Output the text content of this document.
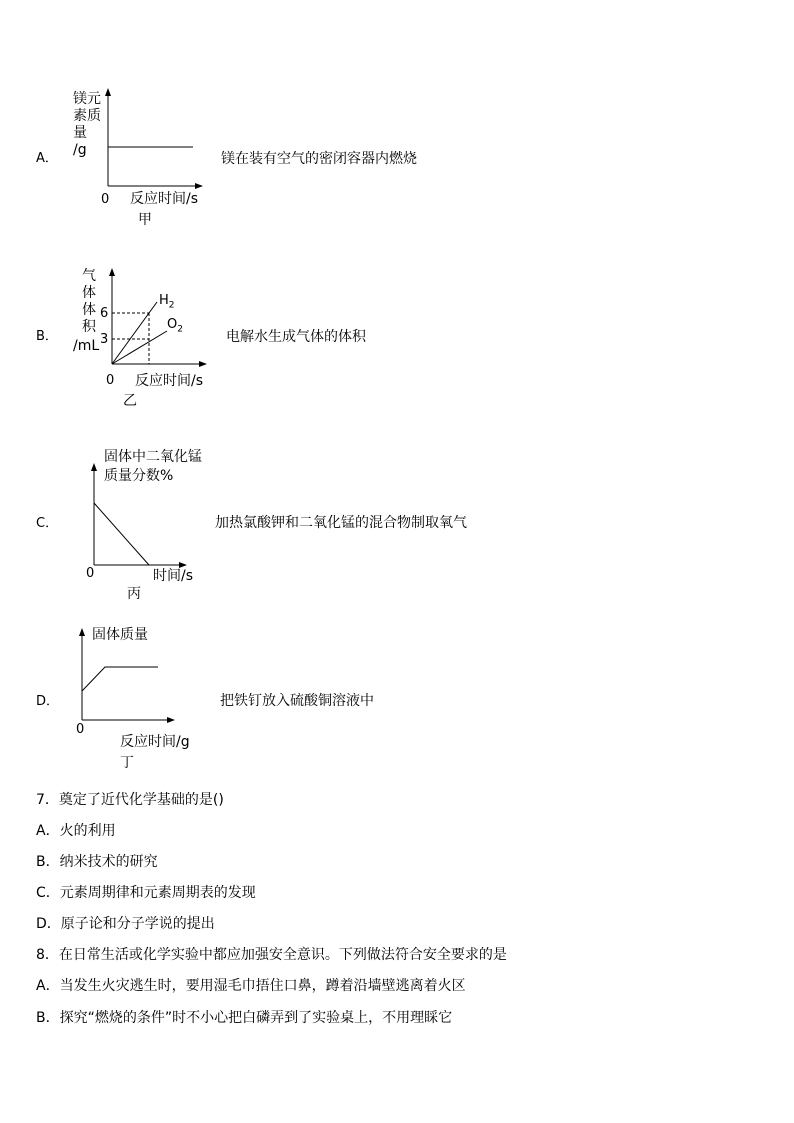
A．
镁元
素质
量
/g
0 反应时间/s
甲
镁在装有空气的密闭容器内燃烧
B．
气
体
体
积
/mL
6
3
$H_2$
$O_2$
0 反应时间/s
乙
电解水生成气体的体积
C．
固体中二氧化锰
质量分数%
0	时间/s
丙
加热氯酸钾和二氧化锰的混合物制取氧气
D．
固体质量
0
反应时间/g
丁
把铁钉放入硫酸铜溶液中
7．奠定了近代化学基础的是()
A．火的利用
B．纳米技术的研究
C．元素周期律和元素周期表的发现
D．原子论和分子学说的提出
8．在日常生活或化学实验中都应加强安全意识。下列做法符合安全要求的是
A．当发生火灾逃生时，要用湿毛巾捂住口鼻，蹲着沿墙壁逃离着火区
B．探究“燃烧的条件”时不小心把白磷弄到了实验桌上，不用理睬它
